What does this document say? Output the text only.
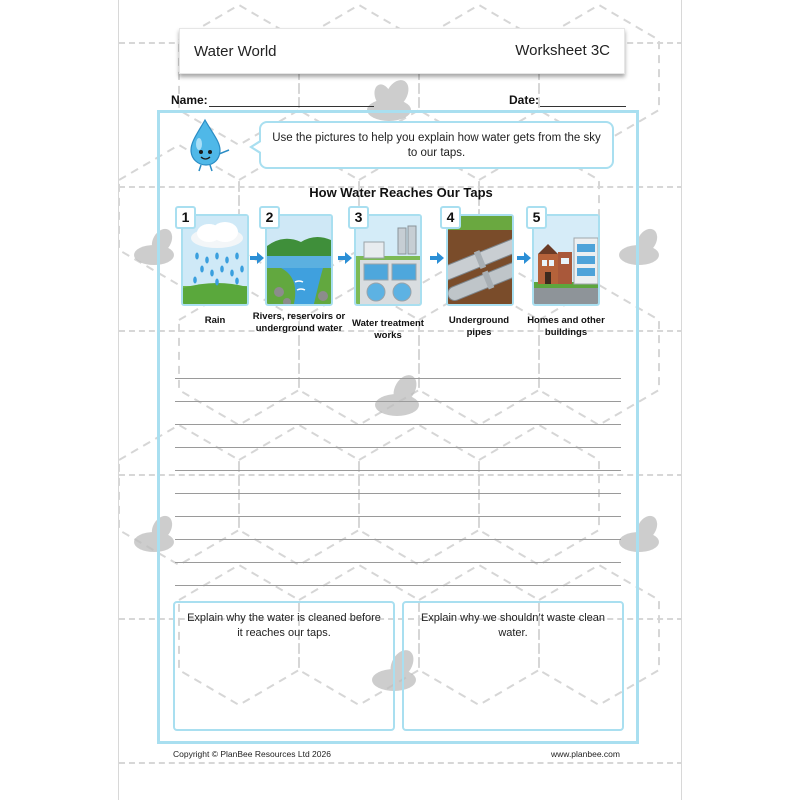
Water World	Worksheet 3C
Name:	Date:
Use the pictures to help you explain how water gets from the sky to our taps.
How Water Reaches Our Taps
1	2	3	4	5
Rain	Rivers, reservoirs or underground water	Water treatment works
Underground pipes
Homes and other buildings
Explain why the water is cleaned before it reaches our taps.
Explain why we shouldn’t waste clean water.
Copyright © PlanBee Resources Ltd 2026	www.planbee.com
